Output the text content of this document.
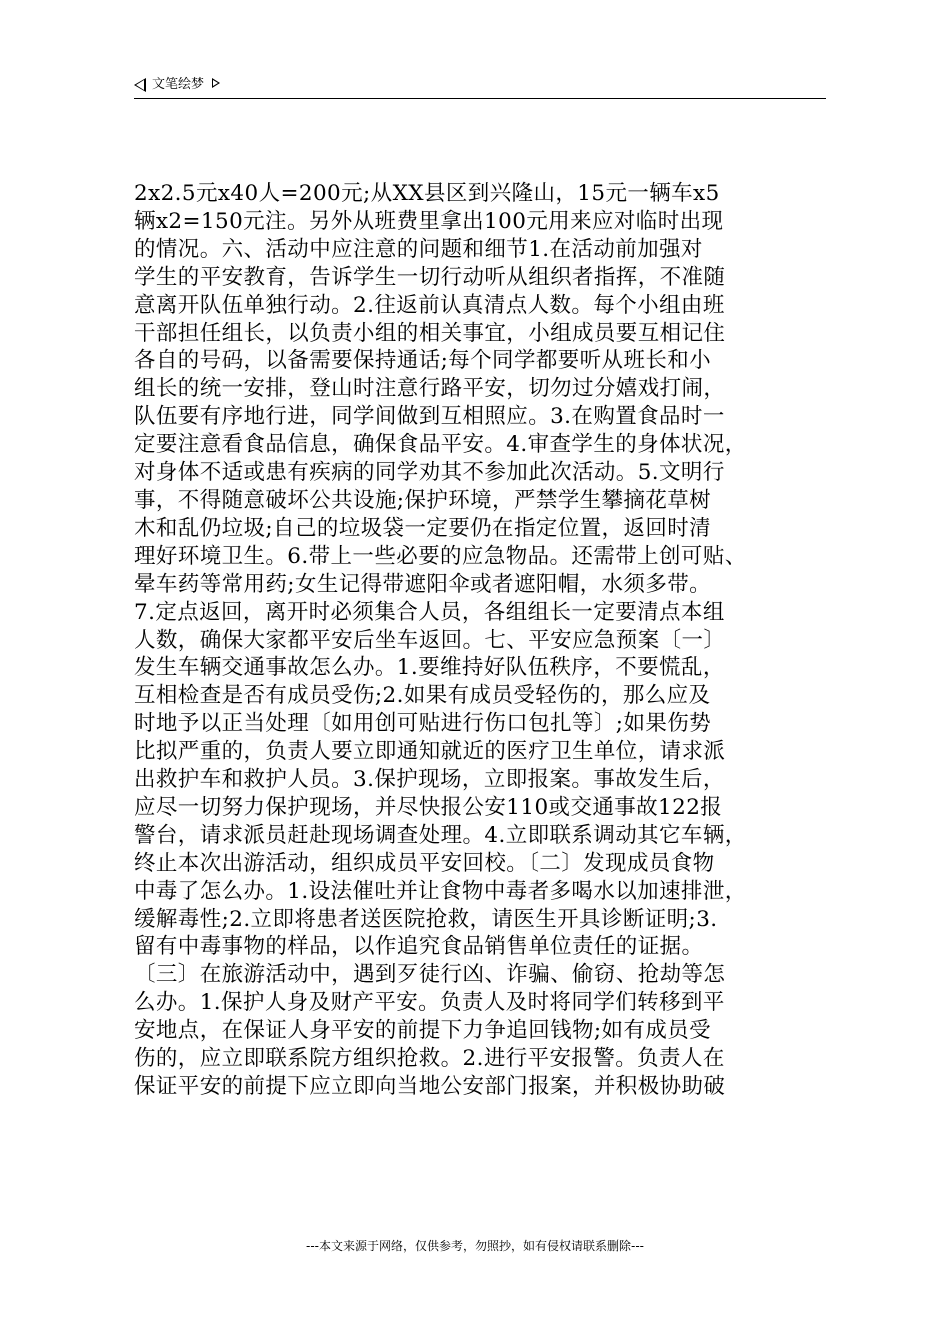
文笔绘梦
2x2.5元x40人=200元;从XX县区到兴隆山，15元一辆车x5
辆x2=150元注。另外从班费里拿出100元用来应对临时出现
的情况。六、活动中应注意的问题和细节1.在活动前加强对
学生的平安教育，告诉学生一切行动听从组织者指挥，不准随
意离开队伍单独行动。2.往返前认真清点人数。每个小组由班
干部担任组长，以负责小组的相关事宜，小组成员要互相记住
各自的号码，以备需要保持通话;每个同学都要听从班长和小
组长的统一安排，登山时注意行路平安，切勿过分嬉戏打闹，
队伍要有序地行进，同学间做到互相照应。3.在购置食品时一
定要注意看食品信息，确保食品平安。4.审查学生的身体状况，
对身体不适或患有疾病的同学劝其不参加此次活动。5.文明行
事，不得随意破坏公共设施;保护环境，严禁学生攀摘花草树
木和乱仍垃圾;自己的垃圾袋一定要仍在指定位置，返回时清
理好环境卫生。6.带上一些必要的应急物品。还需带上创可贴、
晕车药等常用药;女生记得带遮阳伞或者遮阳帽，水须多带。
7.定点返回，离开时必须集合人员，各组组长一定要清点本组
人数，确保大家都平安后坐车返回。七、平安应急预案〔一〕
发生车辆交通事故怎么办。1.要维持好队伍秩序，不要慌乱，
互相检查是否有成员受伤;2.如果有成员受轻伤的，那么应及
时地予以正当处理〔如用创可贴进行伤口包扎等〕;如果伤势
比拟严重的，负责人要立即通知就近的医疗卫生单位，请求派
出救护车和救护人员。3.保护现场，立即报案。事故发生后，
应尽一切努力保护现场，并尽快报公安110或交通事故122报
警台，请求派员赶赴现场调查处理。4.立即联系调动其它车辆，
终止本次出游活动，组织成员平安回校。〔二〕发现成员食物
中毒了怎么办。1.设法催吐并让食物中毒者多喝水以加速排泄，
缓解毒性;2.立即将患者送医院抢救，请医生开具诊断证明;3.
留有中毒事物的样品，以作追究食品销售单位责任的证据。
〔三〕在旅游活动中，遇到歹徒行凶、诈骗、偷窃、抢劫等怎
么办。1.保护人身及财产平安。负责人及时将同学们转移到平
安地点，在保证人身平安的前提下力争追回钱物;如有成员受
伤的，应立即联系院方组织抢救。2.进行平安报警。负责人在
保证平安的前提下应立即向当地公安部门报案，并积极协助破
---本文来源于网络，仅供参考，勿照抄，如有侵权请联系删除---
